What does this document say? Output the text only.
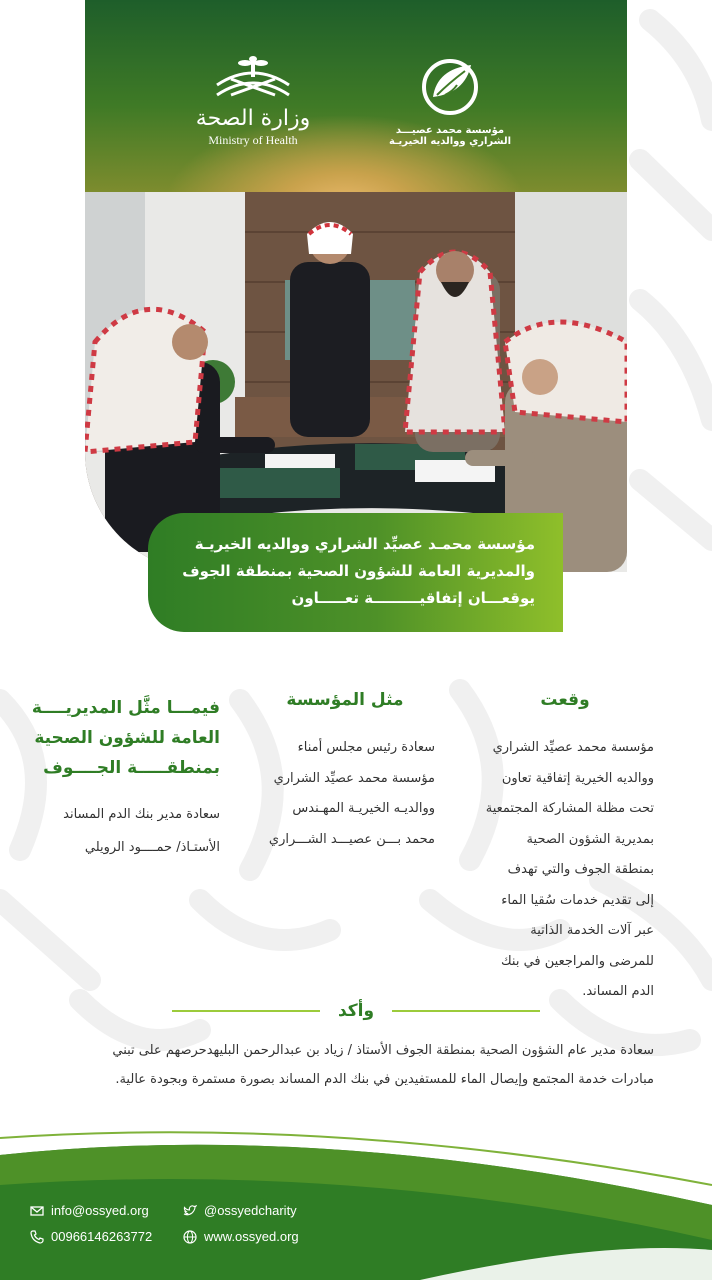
وزارة الصحة
Ministry of Health
مؤسسة محمد عصيـــد
الشراري ووالديه الخيريـة
مؤسسة محمـد عصيِّد الشراري ووالديه الخيريـة
والمديرية العامة للشؤون الصحية بمنطقة الجوف
يوقعـــان إتفاقيـــــــــة تعـــــاون
وقعت
مؤسسة محمد عصيِّد الشراري
ووالديه الخيرية إتفاقية تعاون
تحت مظلة المشاركة المجتمعية
بمديرية الشؤون الصحية
بمنطقة الجوف والتي تهدف
إلى تقديم خدمات سُقيا الماء
عبر آلات الخدمة الذاتية
للمرضى والمراجعين في بنك
الدم المساند.
مثل المؤسسة
سعادة رئيس مجلس أمناء
مؤسسة محمد عصيِّد الشراري
ووالديـه الخيريـة المهـندس
محمد بـــن عصيـــد الشـــراري
فيمـــا مثَّل المديريــــة
العامة للشؤون الصحية
بمنطقـــــة الجــــوف
سعادة مدير بنك الدم المساند
الأستـاذ/ حمــــود الرويلي
وأكد
سعادة مدير عام الشؤون الصحية بمنطقة الجوف الأستاذ / زياد بن عبدالرحمن البليهدحرصهم على تبني
مبادرات خدمة المجتمع وإيصال الماء للمستفيدين في بنك الدم المساند بصورة مستمرة وبجودة عالية.
info@ossyed.org	@ossyedcharity
00966146263772	www.ossyed.org
